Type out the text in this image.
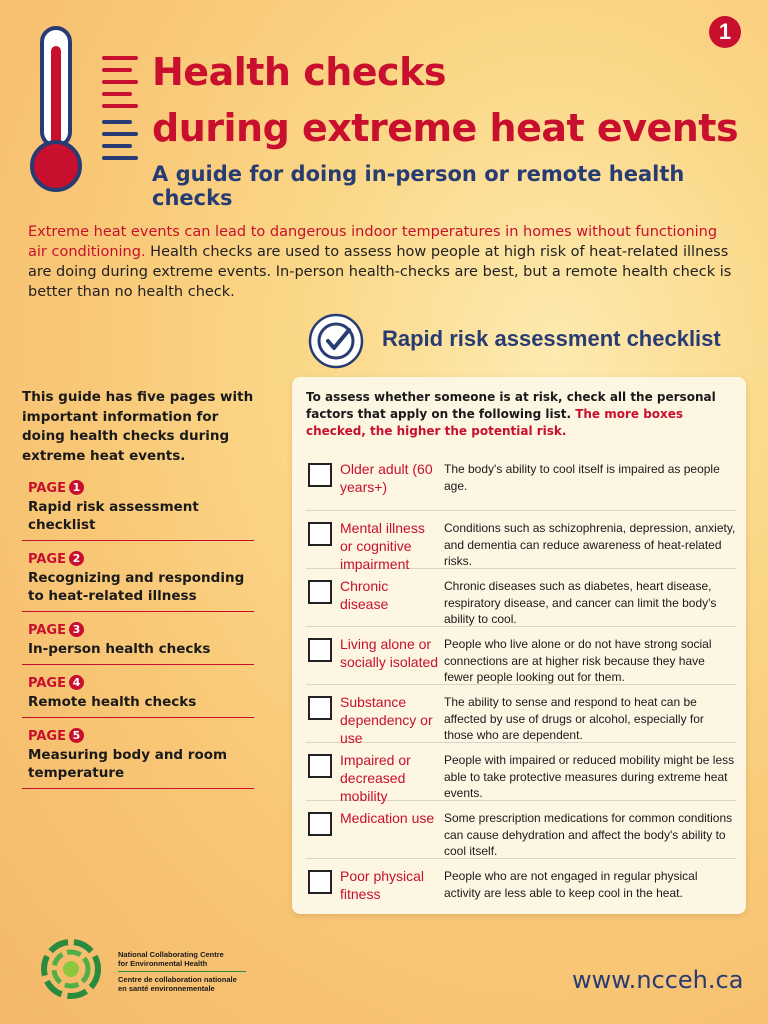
1
Health checks
during extreme heat events
A guide for doing in-person or remote health checks

Extreme heat events can lead to dangerous indoor temperatures in homes without functioning air conditioning. Health checks are used to assess how people at high risk of heat-related illness are doing during extreme events. In-person health-checks are best, but a remote health check is better than no health check.

Rapid risk assessment checklist

This guide has five pages with important information for doing health checks during extreme heat events.

PAGE 1
Rapid risk assessment checklist
PAGE 2
Recognizing and responding to heat-related illness
PAGE 3
In-person health checks
PAGE 4
Remote health checks
PAGE 5
Measuring body and room temperature

To assess whether someone is at risk, check all the personal factors that apply on the following list. The more boxes checked, the higher the potential risk.

Older adult (60 years+)
The body's ability to cool itself is impaired as people age.
Mental illness or cognitive impairment
Conditions such as schizophrenia, depression, anxiety, and dementia can reduce awareness of heat-related risks.
Chronic disease
Chronic diseases such as diabetes, heart disease, respiratory disease, and cancer can limit the body's ability to cool.
Living alone or socially isolated
People who live alone or do not have strong social connections are at higher risk because they have fewer people looking out for them.
Substance dependency or use
The ability to sense and respond to heat can be affected by use of drugs or alcohol, especially for those who are dependent.
Impaired or decreased mobility
People with impaired or reduced mobility might be less able to take protective measures during extreme heat events.
Medication use Some prescription medications for common conditions can cause dehydration and affect the body's ability to cool itself.
Poor physical fitness
People who are not engaged in regular physical activity are less able to keep cool in the heat.
National Collaborating Centre
for Environmental Health
Centre de collaboration nationale
en santé environnementale	www.ncceh.ca
